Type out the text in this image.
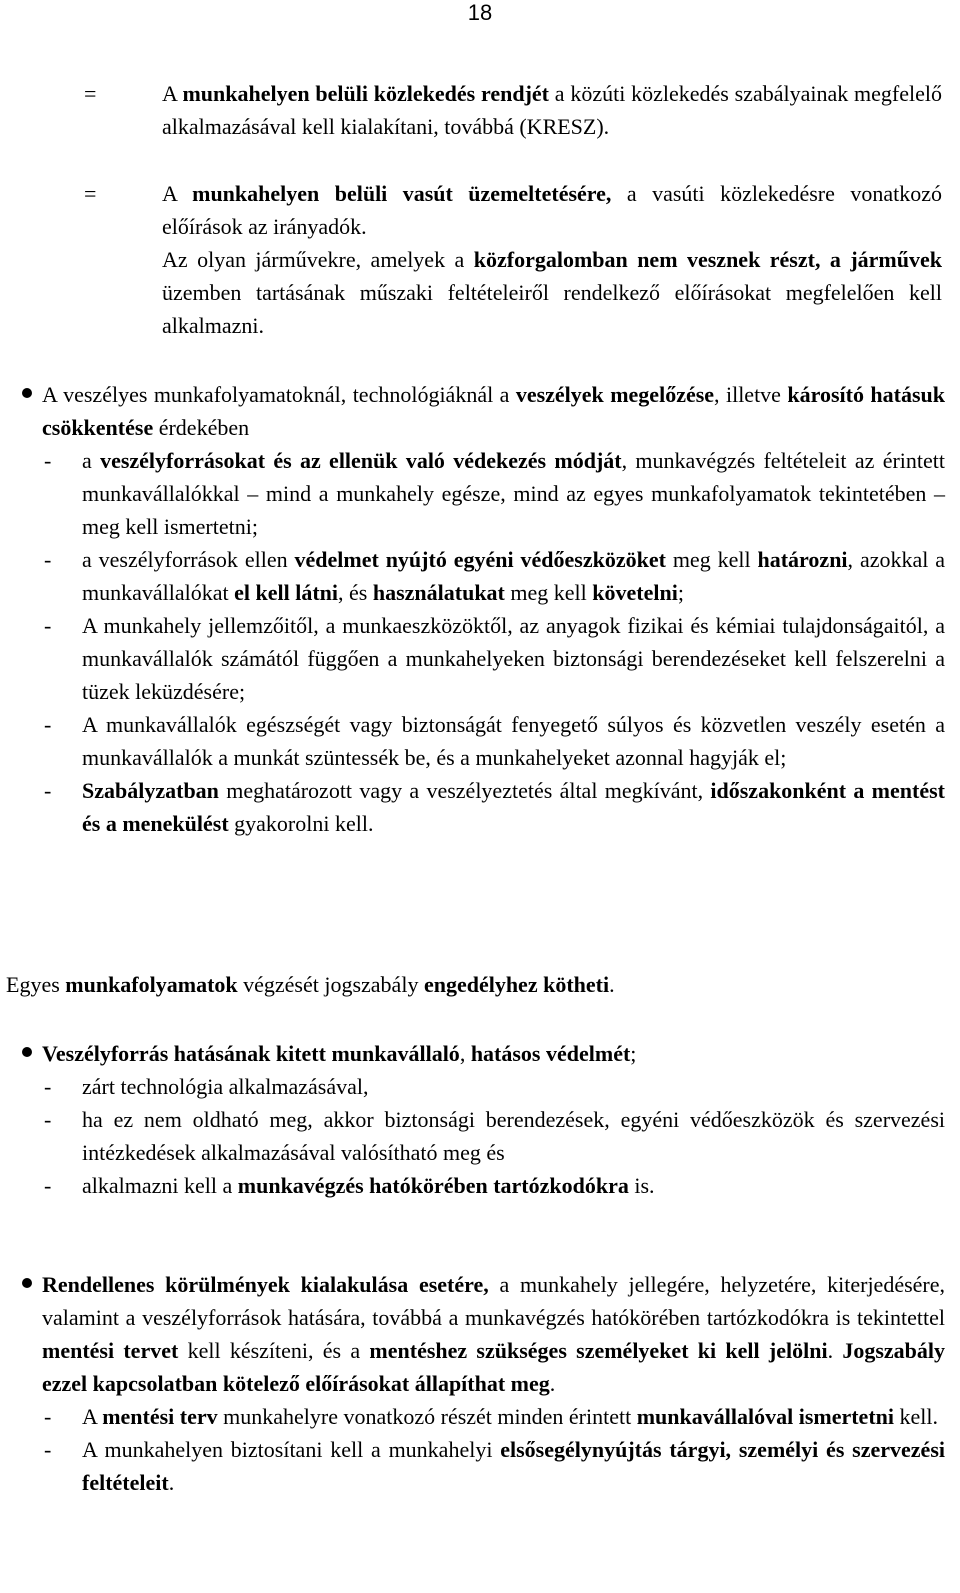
18
=	A munkahelyen belüli közlekedés rendjét a közúti közlekedés szabályainak megfelelő alkalmazásával kell kialakítani, továbbá (KRESZ).

=	A munkahelyen belüli vasút üzemeltetésére, a vasúti közlekedésre vonatkozó előírások az irányadók.

Az olyan járművekre, amelyek a közforgalomban nem vesznek részt, a járművek üzemben tartásának műszaki feltételeiről rendelkező előírásokat megfelelően kell alkalmazni.

A veszélyes munkafolyamatoknál, technológiáknál a veszélyek megelőzése, illetve károsító hatásuk csökkentése érdekében

- a veszélyforrásokat és az ellenük való védekezés módját, munkavégzés feltételeit az érintett munkavállalókkal – mind a munkahely egésze, mind az egyes munkafolyamatok tekintetében – meg kell ismertetni;

- a veszélyforrások ellen védelmet nyújtó egyéni védőeszközöket meg kell határozni, azokkal a munkavállalókat el kell látni, és használatukat meg kell követelni;

- A munkahely jellemzőitől, a munkaeszközöktől, az anyagok fizikai és kémiai tulajdonságaitól, a munkavállalók számától függően a munkahelyeken biztonsági berendezéseket kell felszerelni a tüzek leküzdésére;

- A munkavállalók egészségét vagy biztonságát fenyegető súlyos és közvetlen veszély esetén a munkavállalók a munkát szüntessék be, és a munkahelyeket azonnal hagyják el;

- Szabályzatban meghatározott vagy a veszélyeztetés által megkívánt, időszakonként a mentést és a menekülést gyakorolni kell.

Egyes munkafolyamatok végzését jogszabály engedélyhez kötheti.

Veszélyforrás hatásának kitett munkavállaló, hatásos védelmét;

- zárt technológia alkalmazásával,

- ha ez nem oldható meg, akkor biztonsági berendezések, egyéni védőeszközök és szervezési intézkedések alkalmazásával valósítható meg és

- alkalmazni kell a munkavégzés hatókörében tartózkodókra is.

Rendellenes körülmények kialakulása esetére, a munkahely jellegére, helyzetére, kiterjedésére, valamint a veszélyforrások hatására, továbbá a munkavégzés hatókörében tartózkodókra is tekintettel mentési tervet kell készíteni, és a mentéshez szükséges személyeket ki kell jelölni. Jogszabály ezzel kapcsolatban kötelező előírásokat állapíthat meg.

- A mentési terv munkahelyre vonatkozó részét minden érintett munkavállalóval ismertetni kell.

- A munkahelyen biztosítani kell a munkahelyi elsősegélynyújtás tárgyi, személyi és szervezési feltételeit.
